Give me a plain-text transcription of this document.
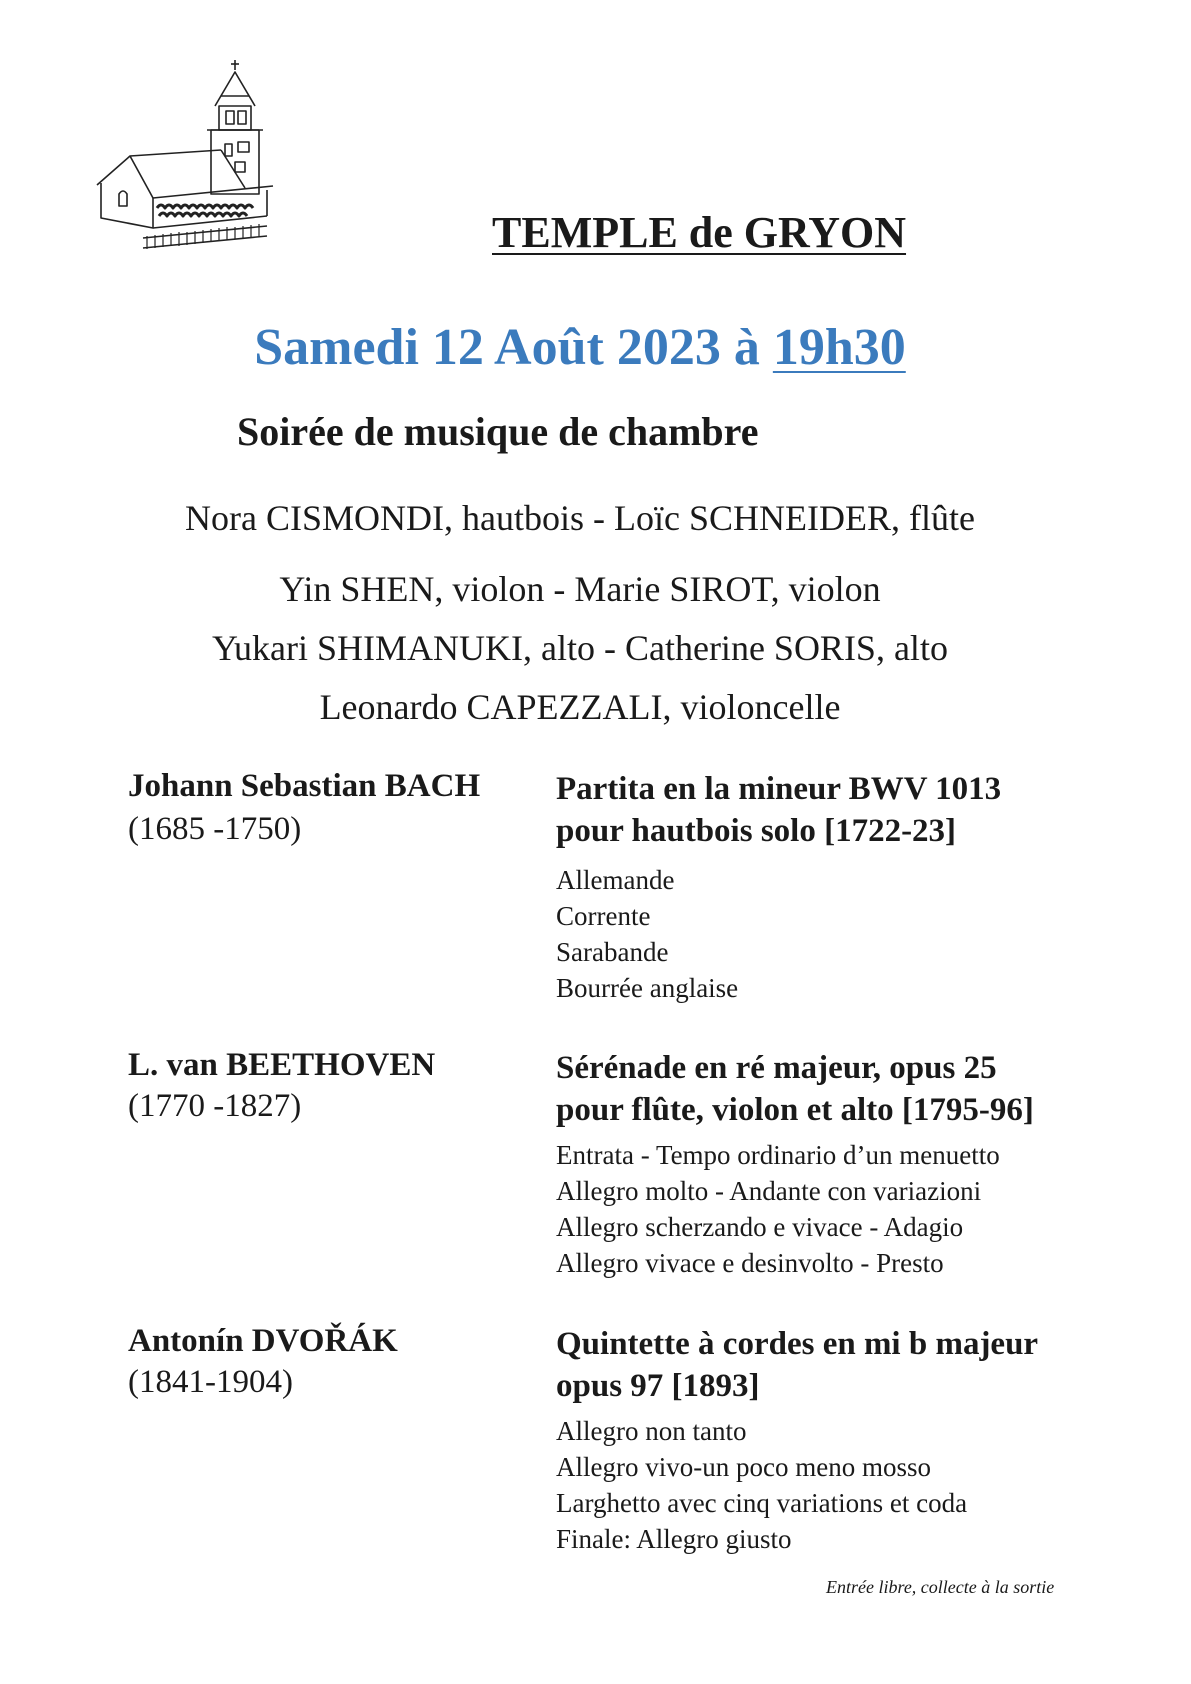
TEMPLE de GRYON
Samedi 12 Août 2023 à 19h30
Soirée de musique de chambre
Nora CISMONDI, hautbois - Loïc SCHNEIDER, flûte
Yin SHEN, violon - Marie SIROT, violon
Yukari SHIMANUKI, alto - Catherine SORIS, alto
Leonardo CAPEZZALI, violoncelle
Johann Sebastian BACH
(1685 -1750)
Partita en la mineur BWV 1013
pour hautbois solo [1722-23]
Allemande
Corrente
Sarabande
Bourrée anglaise
L. van BEETHOVEN
(1770 -1827)
Sérénade en ré majeur, opus 25
pour flûte, violon et alto [1795-96]
Entrata - Tempo ordinario d’un menuetto
Allegro molto - Andante con variazioni
Allegro scherzando e vivace - Adagio
Allegro vivace e desinvolto - Presto
Antonín DVOŘÁK
(1841-1904)
Quintette à cordes en mi b majeur
opus 97 [1893]
Allegro non tanto
Allegro vivo-un poco meno mosso
Larghetto avec cinq variations et coda
Finale: Allegro giusto
Entrée libre, collecte à la sortie
